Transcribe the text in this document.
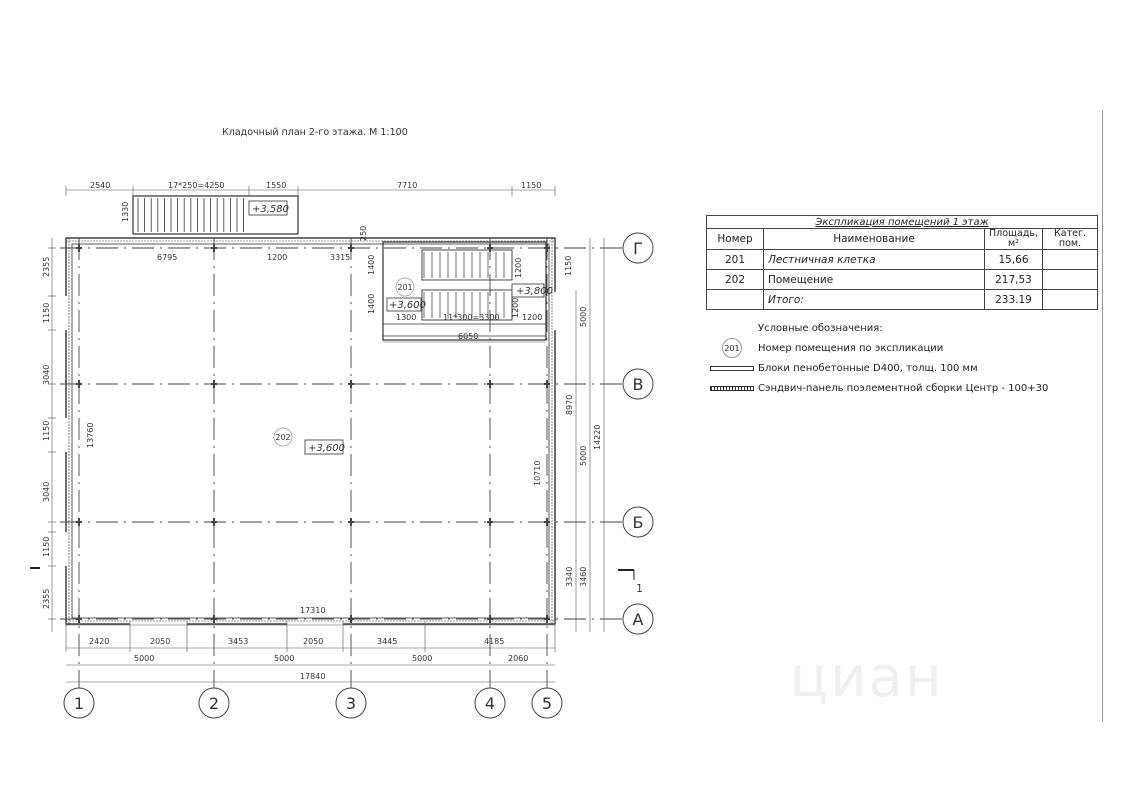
циан
Кладочный план 2-го этажа. М 1:100
+3,580
+3,800
201
+3,600
202
+3,600
2540	17*250=4250	1550	7710	1150
1330
6795	1200	3315
250
1400	1200	1150
1400	1200
1300	11*300=3300	1200
6050
5000
8970
14220
5000
10710
3460
3340
2355
1150
3040
1150
3040
1150
2355
13760
17310
2420	2050	3453	2050	3445	4185
5000	5000	5000	2060
17840
1	2	3	4	5
Г
В
Б
А
1
Экспликация помещений 1 этаж			
Номер	Наименование	Площадь, м²	Катег. пом.
201	Лестничная клетка	15,66	
202	Помещение	217,53	
	Итого:	233.19	
Условные обозначения:
201 Номер помещения по экспликации
Блоки пенобетонные D400, толщ. 100 мм
Сэндвич-панель поэлементной сборки Центр - 100+30
